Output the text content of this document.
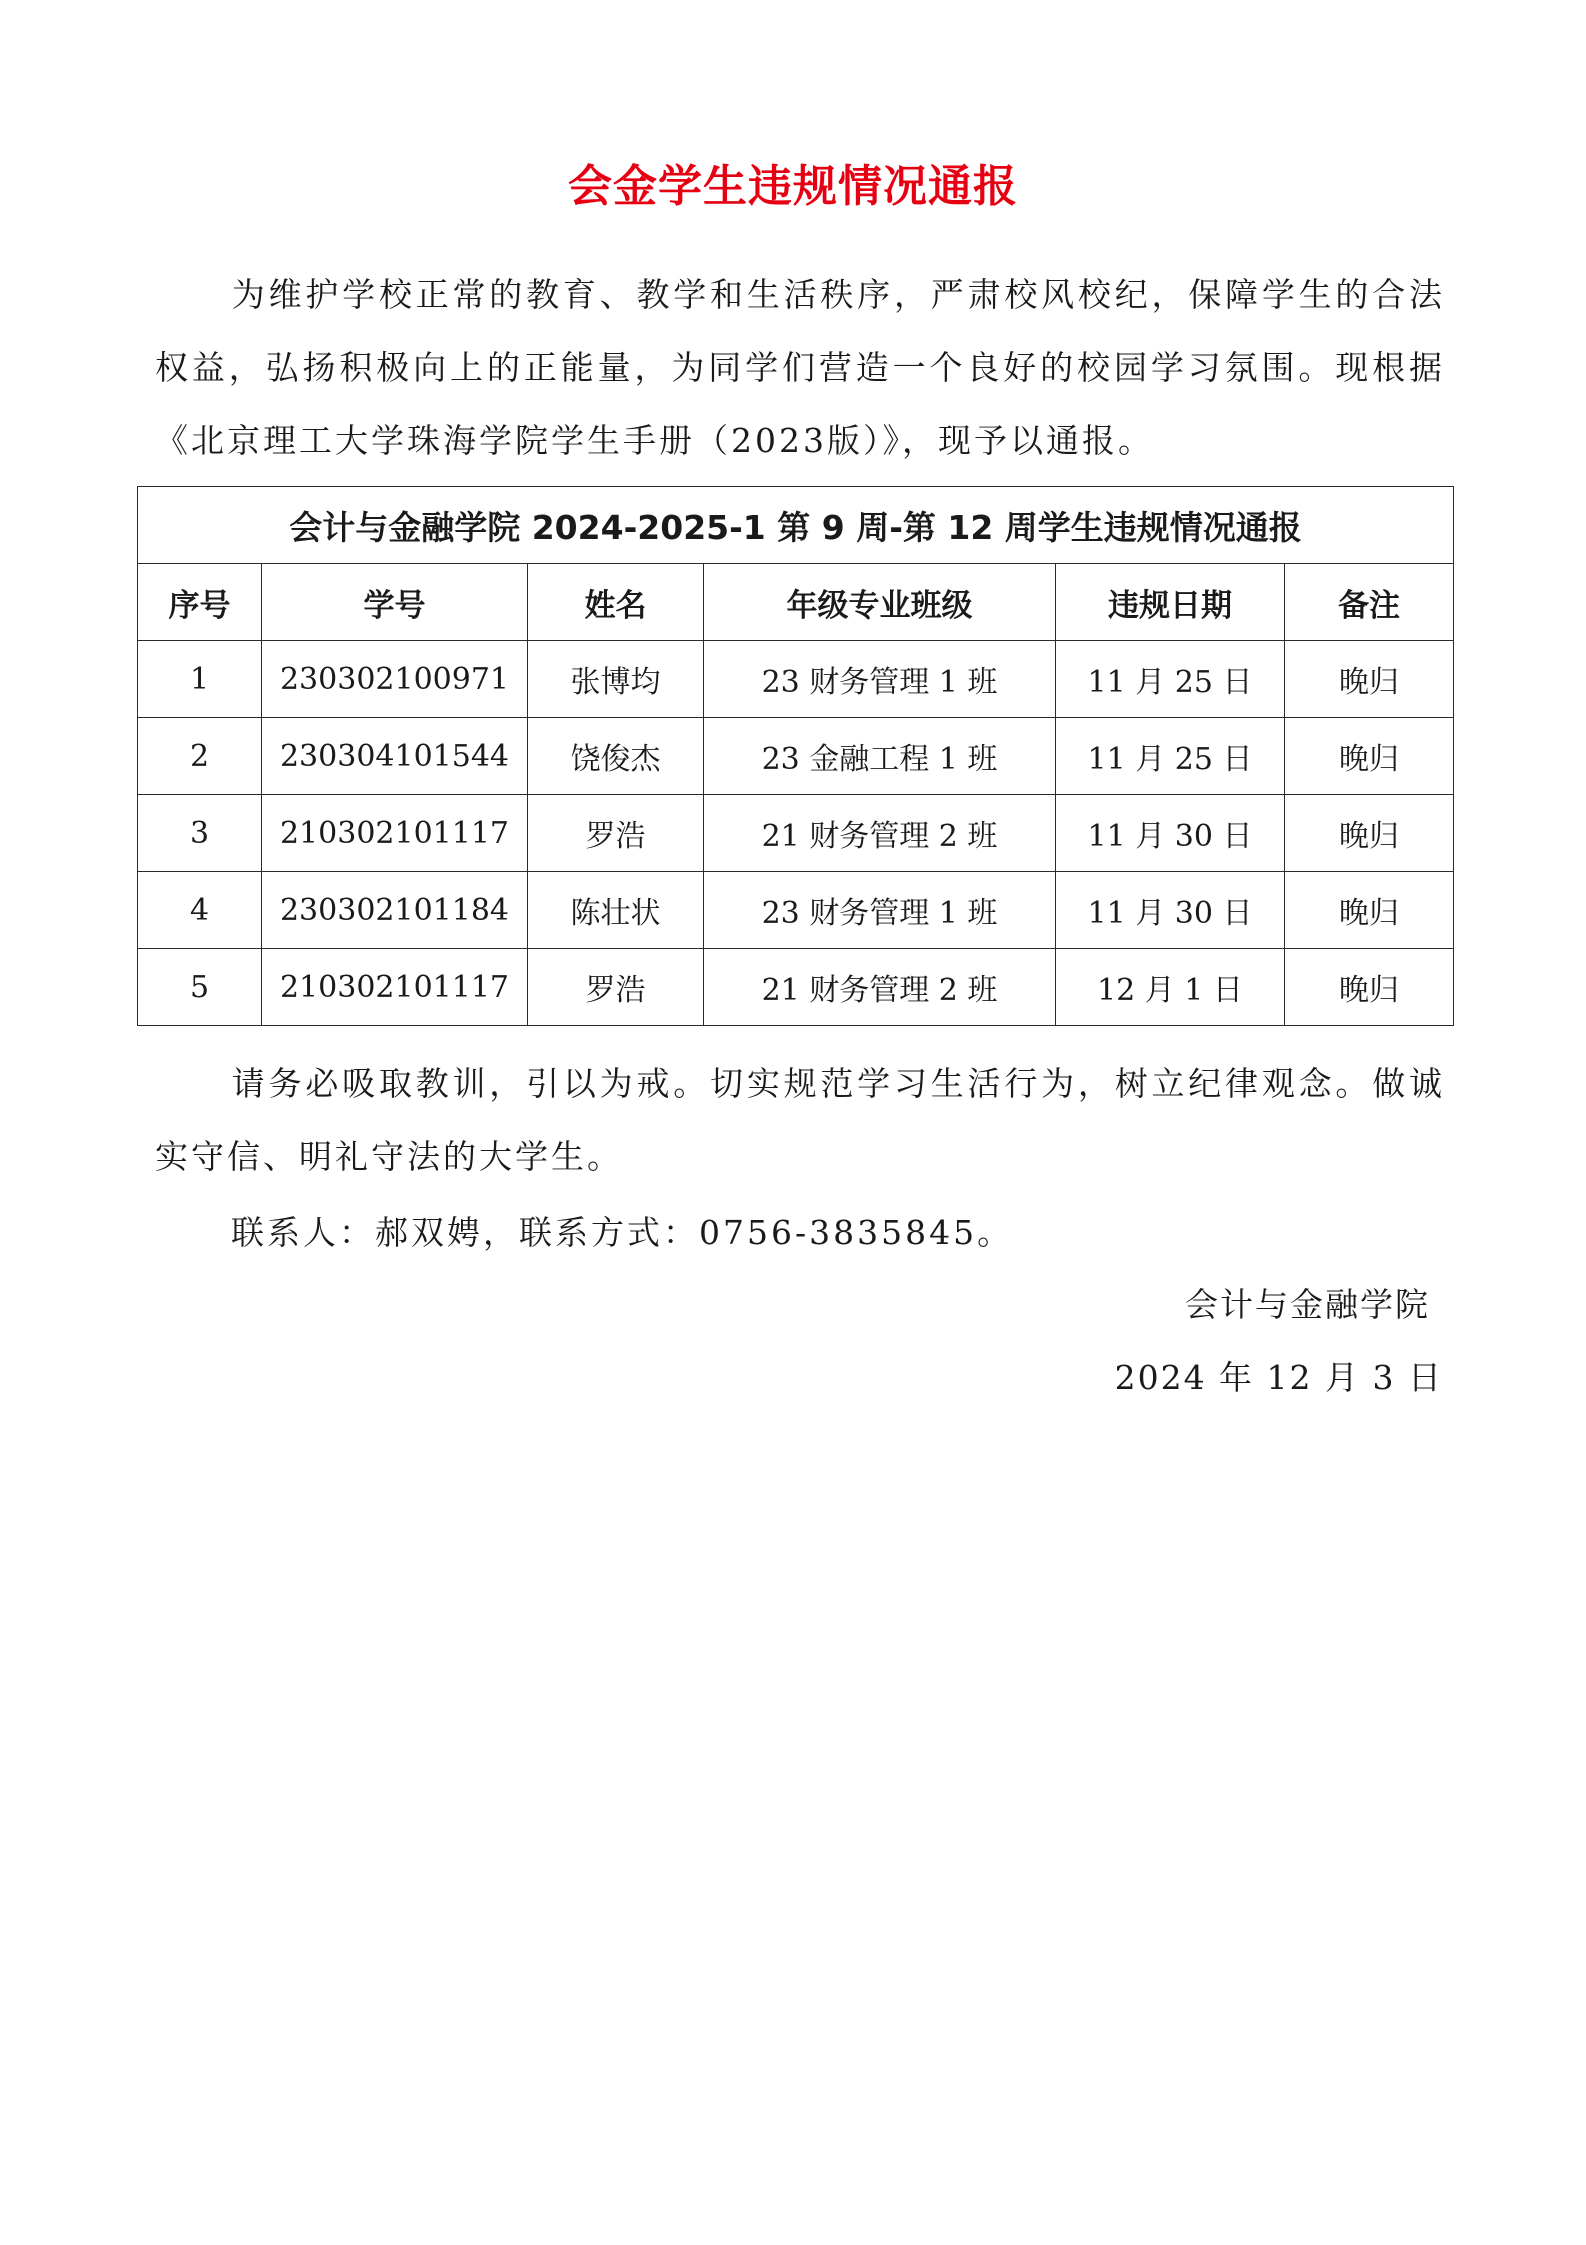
会金学生违规情况通报
为维护学校正常的教育、教学和生活秩序，严肃校风校纪，保障学生的合法权益，弘扬积极向上的正能量，为同学们营造一个良好的校园学习氛围。现根据《北京理工大学珠海学院学生手册（2023版）》，现予以通报。
会计与金融学院 2024-2025-1 第 9 周-第 12 周学生违规情况通报					
序号	学号	姓名	年级专业班级	违规日期	备注
1	230302100971	张博均	23 财务管理 1 班	11 月 25 日	晚归
2	230304101544	饶俊杰	23 金融工程 1 班	11 月 25 日	晚归
3	210302101117	罗浩	21 财务管理 2 班	11 月 30 日	晚归
4	230302101184	陈壮状	23 财务管理 1 班	11 月 30 日	晚归
5	210302101117	罗浩	21 财务管理 2 班	12 月 1 日	晚归
请务必吸取教训，引以为戒。切实规范学习生活行为，树立纪律观念。做诚实守信、明礼守法的大学生。
联系人：郝双娉，联系方式：0756-3835845。
会计与金融学院
2024 年 12 月 3 日
